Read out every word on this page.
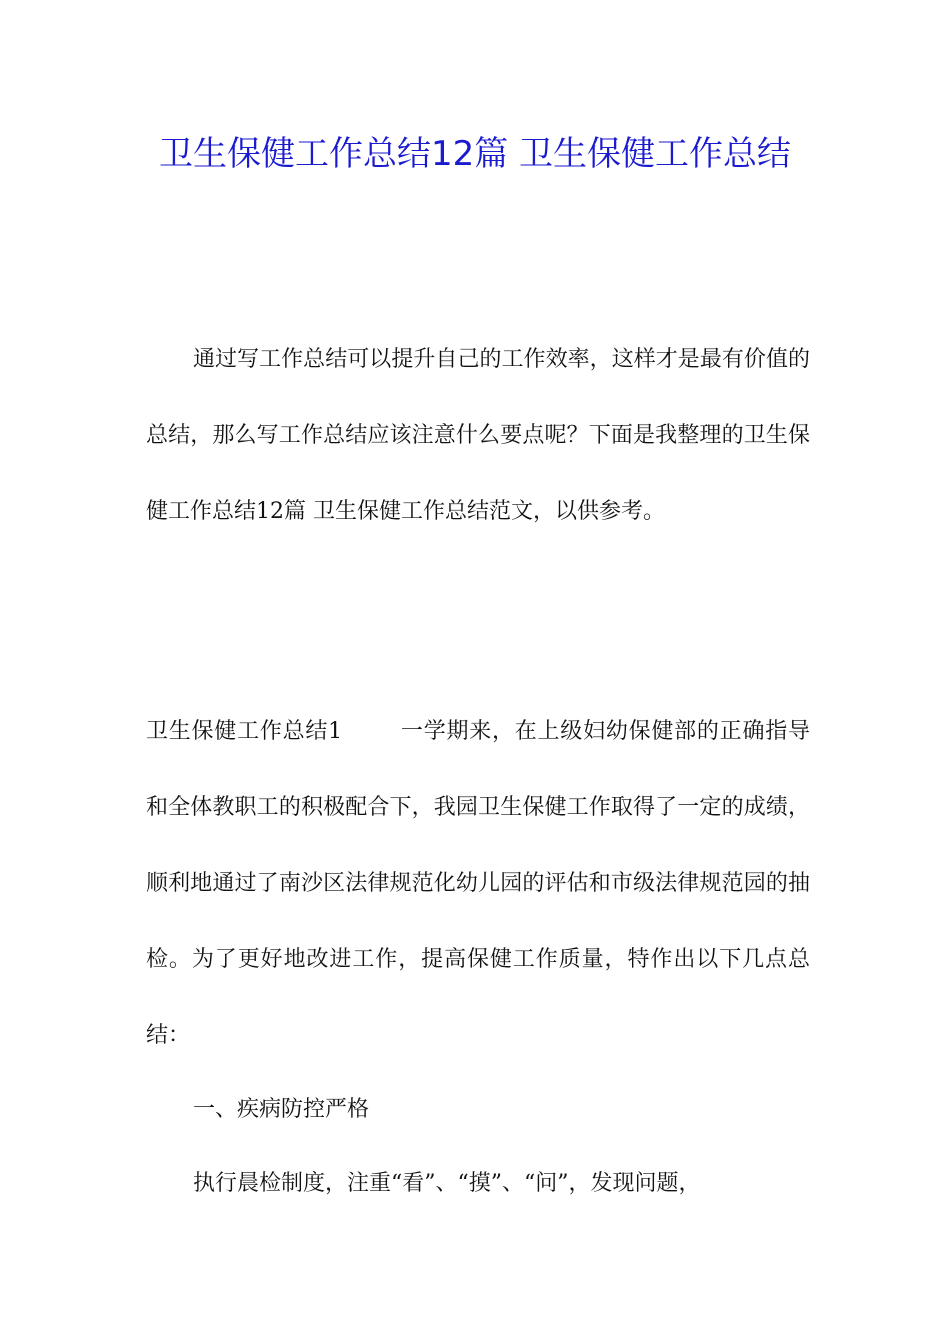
卫生保健工作总结12篇 卫生保健工作总结

通过写工作总结可以提升自己的工作效率，这样才是最有价值的总结，那么写工作总结应该注意什么要点呢？下面是我整理的卫生保健工作总结12篇 卫生保健工作总结范文，以供参考。

卫生保健工作总结1	一学期来，在上级妇幼保健部的正确指导和全体教职工的积极配合下，我园卫生保健工作取得了一定的成绩，顺利地通过了南沙区法律规范化幼儿园的评估和市级法律规范园的抽检。为了更好地改进工作，提高保健工作质量，特作出以下几点总结：

一、疾病防控严格

执行晨检制度，注重“看”、“摸”、“问”，发现问题，
